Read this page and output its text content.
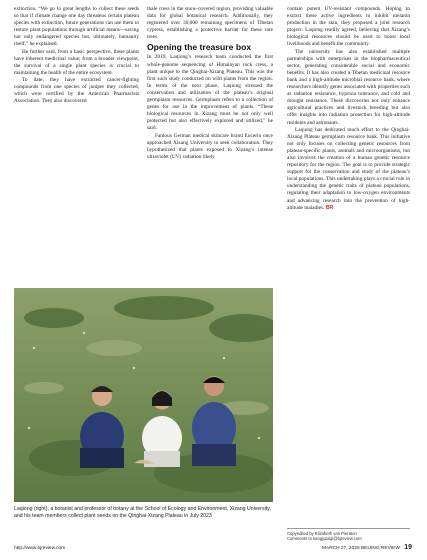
extinction. “We go to great lengths to collect these seeds so that if climate change one day threatens certain plateau species with extinction, future generations can use them to restore plant populations through artificial means—saving not only endangered species but, ultimately, humanity itself,” he explained.

He further said, from a basic perspective, these plants have inherent medicinal value; from a broader viewpoint, the survival of a single plant species is crucial to maintaining the health of the entire ecosystem.

To date, they have extracted cancer-fighting compounds from one species of juniper they collected, which were certified by the American Pharmacists Association. They also discovered

thale cress in the snow-covered region, providing valuable data for global botanical research. Additionally, they registered over 30,000 remaining specimens of Tibetan cypress, establishing a protective barrier for these rare trees.

Opening the treasure box

In 2019, Laqiong’s research team conducted the first whole-genome sequencing of Himalayan rock cress, a plant unique to the Qinghai-Xizang Plateau. This was the first such study conducted on wild plants from the region. In terms of the next phase, Laqiong stressed the conservation and utilization of the plateau’s original germplasm resources. Germplasm refers to a collection of genes for use in the improvement of plants. “These biological resources in Xizang must be not only well protected but also effectively explored and utilized,” he said.

Famous German medical skincare brand Eucerin once approached Xizang University to seek collaboration. They hypothesized that plants exposed to Xizang’s intense ultraviolet (UV) radiation likely

contain potent UV-resistant compounds. Hoping to extract these active ingredients to inhibit melanin production in the skin, they proposed a joint research project. Laqiong readily agreed, believing that Xizang’s biological resources should be used to boost local livelihoods and benefit the community.

The university has also established multiple partnerships with enterprises in the biopharmaceutical sector, generating considerable social and economic benefits. It has also created a Tibetan medicinal resource bank and a high-altitude microbial resource bank, where researchers identify genes associated with properties such as radiation resistance, hypoxia tolerance, and cold and drought resistance. These discoveries not only enhance agricultural practices and livestock breeding but also offer insights into radiation protection for high-altitude residents and astronauts.

Laqiong has dedicated much effort to the Qinghai-Xizang Plateau germplasm resource bank. This initiative not only focuses on collecting genetic resources from plateau-specific plants, animals and microorganisms, but also involves the creation of a human genetic resource repository for the region. The goal is to provide strategic support for the conservation and study of the plateau’s local populations. This undertaking plays a crucial role in understanding the genetic traits of plateau populations, regulating their adaptation to low-oxygen environments and advancing research into the prevention of high-altitude maladies. BR

Laqiong (right), a botanist and professor of botany at the School of Ecology and Environment, Xizang University, and his team members collect plant seeds on the Qinghai-Xizang Plateau in July 2023
Copyedited by Elizabeth van Pieraton
Comments to kangjuanqi@bjreview.com
http://www.bjreview.com	MARCH 27, 2025 BEIJING REVIEW 19
